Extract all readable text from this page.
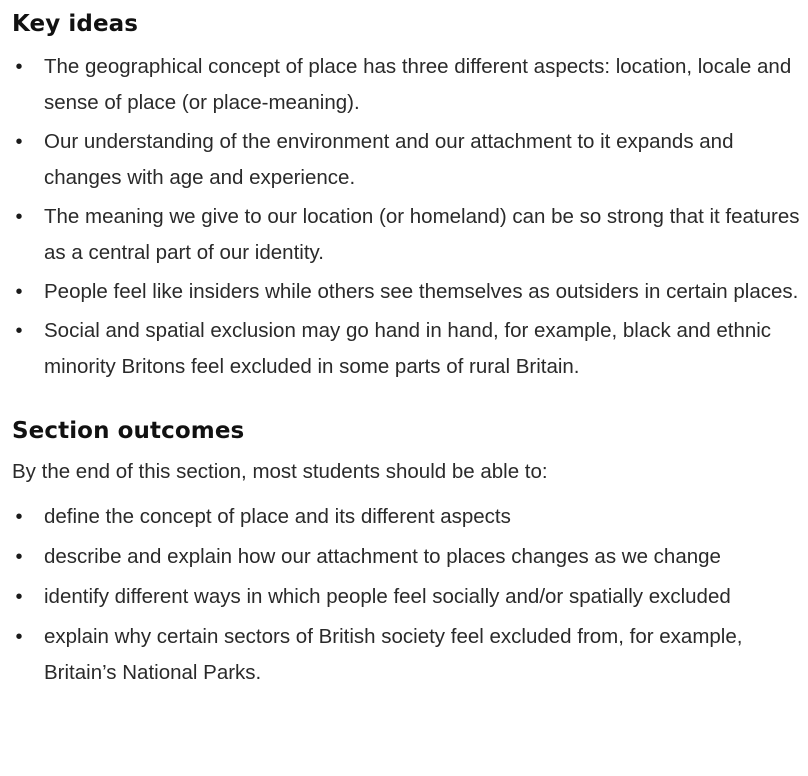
Key ideas
• The geographical concept of place has three different aspects: location, locale and sense of place (or place-meaning).
• Our understanding of the environment and our attachment to it expands and changes with age and experience.
• The meaning we give to our location (or homeland) can be so strong that it features as a central part of our identity.
• People feel like insiders while others see themselves as outsiders in certain places.
• Social and spatial exclusion may go hand in hand, for example, black and ethnic minority Britons feel excluded in some parts of rural Britain.
Section outcomes

By the end of this section, most students should be able to:

• define the concept of place and its different aspects
• describe and explain how our attachment to places changes as we change
• identify different ways in which people feel socially and/or spatially excluded
• explain why certain sectors of British society feel excluded from, for example, Britain’s National Parks.
